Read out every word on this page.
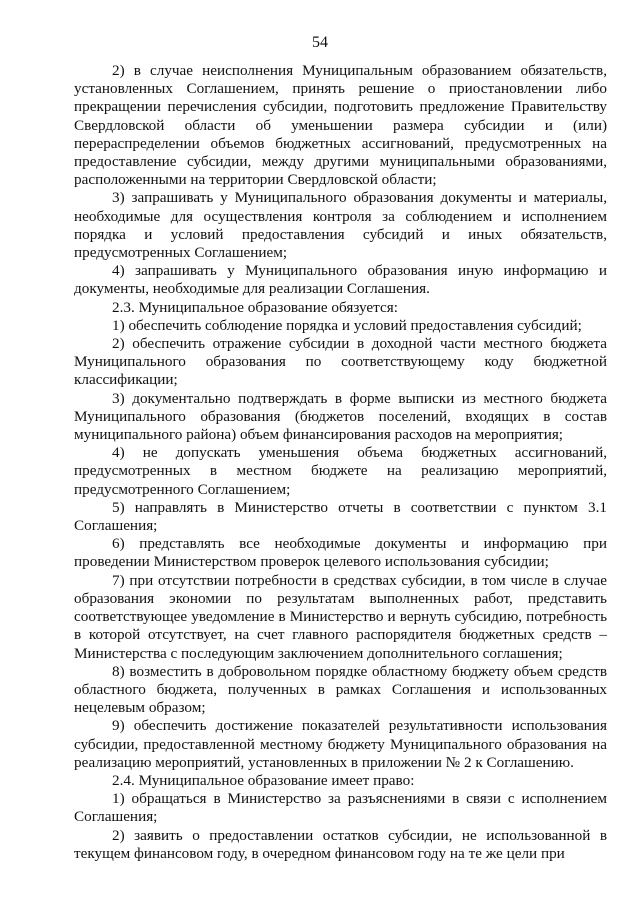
54

2) в случае неисполнения Муниципальным образованием обязательств, установленных Соглашением, принять решение о приостановлении либо прекращении перечисления субсидии, подготовить предложение Правительству Свердловской области об уменьшении размера субсидии и (или) перераспределении объемов бюджетных ассигнований, предусмотренных на предоставление субсидии, между другими муниципальными образованиями, расположенными на территории Свердловской области;

3) запрашивать у Муниципального образования документы и материалы, необходимые для осуществления контроля за соблюдением и исполнением порядка и условий предоставления субсидий и иных обязательств, предусмотренных Соглашением;

4) запрашивать у Муниципального образования иную информацию и документы, необходимые для реализации Соглашения.

2.3. Муниципальное образование обязуется:

1) обеспечить соблюдение порядка и условий предоставления субсидий;

2) обеспечить отражение субсидии в доходной части местного бюджета Муниципального образования по соответствующему коду бюджетной классификации;

3) документально подтверждать в форме выписки из местного бюджета Муниципального образования (бюджетов поселений, входящих в состав муниципального района) объем финансирования расходов на мероприятия;

4) не допускать уменьшения объема бюджетных ассигнований, предусмотренных в местном бюджете на реализацию мероприятий, предусмотренного Соглашением;

5) направлять в Министерство отчеты в соответствии с пунктом 3.1 Соглашения;

6) представлять все необходимые документы и информацию при проведении Министерством проверок целевого использования субсидии;

7) при отсутствии потребности в средствах субсидии, в том числе в случае образования экономии по результатам выполненных работ, представить соответствующее уведомление в Министерство и вернуть субсидию, потребность в которой отсутствует, на счет главного распорядителя бюджетных средств – Министерства с последующим заключением дополнительного соглашения;

8) возместить в добровольном порядке областному бюджету объем средств областного бюджета, полученных в рамках Соглашения и использованных нецелевым образом;

9) обеспечить достижение показателей результативности использования субсидии, предоставленной местному бюджету Муниципального образования на реализацию мероприятий, установленных в приложении № 2 к Соглашению.

2.4. Муниципальное образование имеет право:

1) обращаться в Министерство за разъяснениями в связи с исполнением Соглашения;

2) заявить о предоставлении остатков субсидии, не использованной в текущем финансовом году, в очередном финансовом году на те же цели при
